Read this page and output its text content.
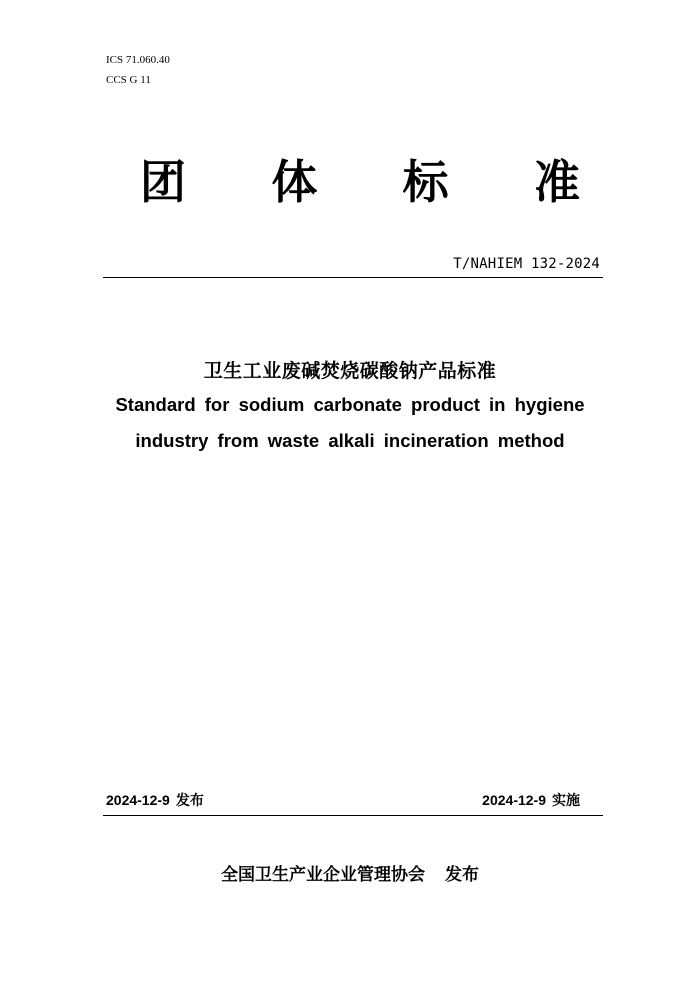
ICS 71.060.40
CCS G 11
团 体 标 准
T/NAHIEM 132-2024
卫生工业废碱焚烧碳酸钠产品标准
Standard for sodium carbonate product in hygiene
industry from waste alkali incineration method
2024-12-9 发布	2024-12-9 实施
全国卫生产业企业管理协会 发布
